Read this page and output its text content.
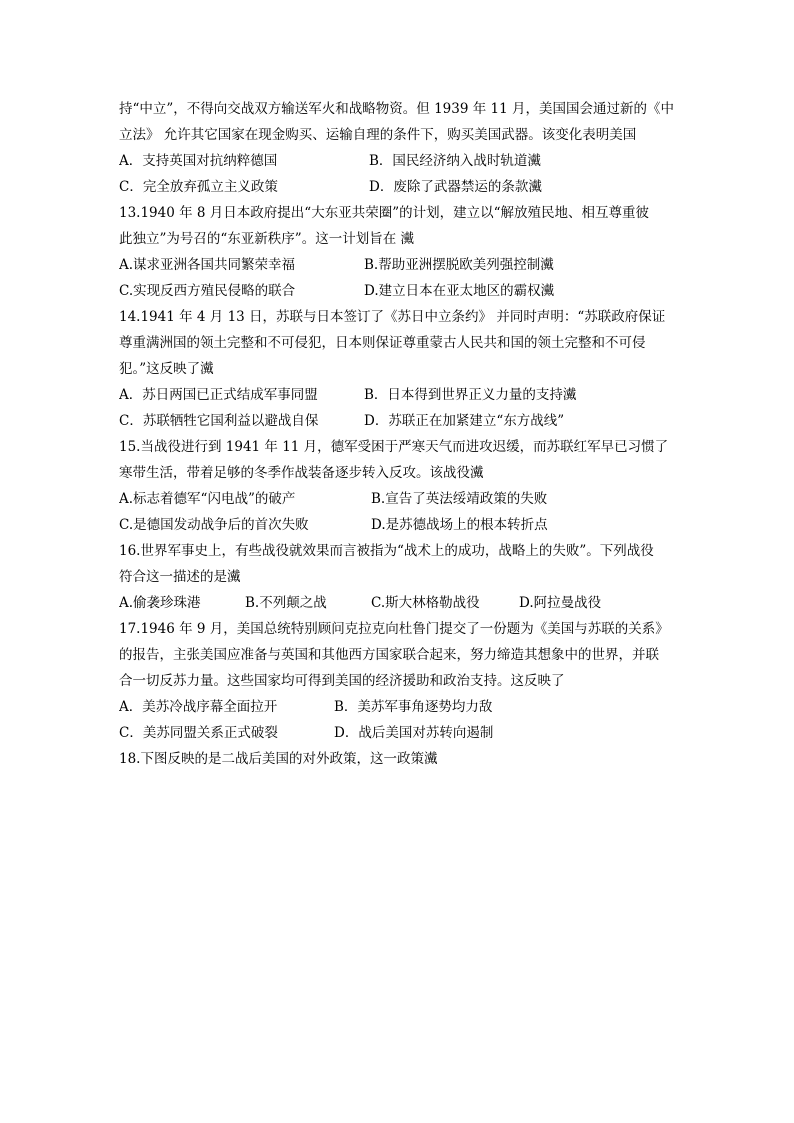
持“中立”，不得向交战双方输送军火和战略物资。但 1939 年 11 月，美国国会通过新的《中
立法》 允许其它国家在现金购买、运输自理的条件下，购买美国武器。该变化表明美国
A．支持英国对抗纳粹德国	B．国民经济纳入战时轨道瀻
C．完全放弃孤立主义政策	D．废除了武器禁运的条款瀻
13.1940 年 8 月日本政府提出“大东亚共荣圈”的计划，建立以“解放殖民地、相互尊重彼
此独立”为号召的“东亚新秩序”。这一计划旨在 瀻
A.谋求亚洲各国共同繁荣幸福	B.帮助亚洲摆脱欧美列强控制瀻
C.实现反西方殖民侵略的联合	D.建立日本在亚太地区的霸权瀻
14.1941 年 4 月 13 日，苏联与日本签订了《苏日中立条约》 并同时声明：“苏联政府保证
尊重满洲国的领土完整和不可侵犯，日本则保证尊重蒙古人民共和国的领土完整和不可侵
犯。”这反映了瀻
A．苏日两国已正式结成军事同盟	B．日本得到世界正义力量的支持瀻
C．苏联牺牲它国利益以避战自保	D．苏联正在加紧建立“东方战线”
15.当战役进行到 1941 年 11 月，德军受困于严寒天气而进攻迟缓，而苏联红军早已习惯了
寒带生活，带着足够的冬季作战装备逐步转入反攻。该战役瀻
A.标志着德军“闪电战”的破产	B.宣告了英法绥靖政策的失败
C.是德国发动战争后的首次失败	D.是苏德战场上的根本转折点
16.世界军事史上，有些战役就效果而言被指为“战术上的成功，战略上的失败”。下列战役
符合这一描述的是瀻
A.偷袭珍珠港	B.不列颠之战	C.斯大林格勒战役	D.阿拉曼战役
17.1946 年 9 月，美国总统特别顾问克拉克向杜鲁门提交了一份题为《美国与苏联的关系》
的报告，主张美国应准备与英国和其他西方国家联合起来，努力缔造其想象中的世界，并联
合一切反苏力量。这些国家均可得到美国的经济援助和政治支持。这反映了
A．美苏冷战序幕全面拉开	B．美苏军事角逐势均力敌
C．美苏同盟关系正式破裂	D．战后美国对苏转向遏制
18.下图反映的是二战后美国的对外政策，这一政策瀻
